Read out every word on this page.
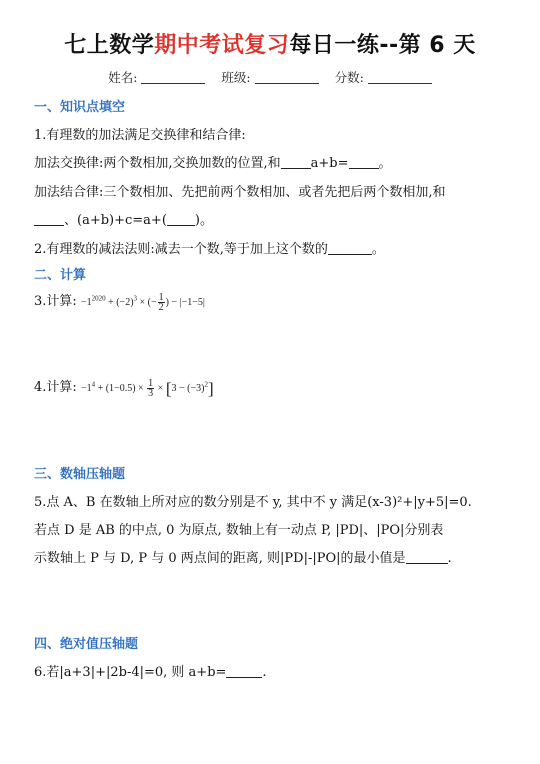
七上数学期中考试复习每日一练--第 6 天
姓名:	班级:	分数:
一、知识点填空
1.有理数的加法满足交换律和结合律:
加法交换律:两个数相加,交换加数的位置,和 a+b= 。
加法结合律:三个数相加、先把前两个数相加、或者先把后两个数相加,和
、(a+b)+c=a+( )。
2.有理数的减法法则:减去一个数,等于加上这个数的	。
二、计算
3.计算: $-1^{2020} + (-2)^3$ × (− $\frac{1}{2}$ ) − |−1−5|
4.计算: $-1^4 + (1-0.5) \times \frac{1}{3} \times [3 - (-3)^2]$
三、数轴压轴题
5.点 A、B 在数轴上所对应的数分别是不 y, 其中不 y 满足(x-3)²+|y+5|=0.
若点 D 是 AB 的中点, 0 为原点, 数轴上有一动点 P, |PD|、|PO|分别表
示数轴上 P 与 D, P 与 0 两点间的距离, 则|PD|-|PO|的最小值是	.
四、绝对值压轴题
6.若|a+3|+|2b-4|=0, 则 a+b=	.
